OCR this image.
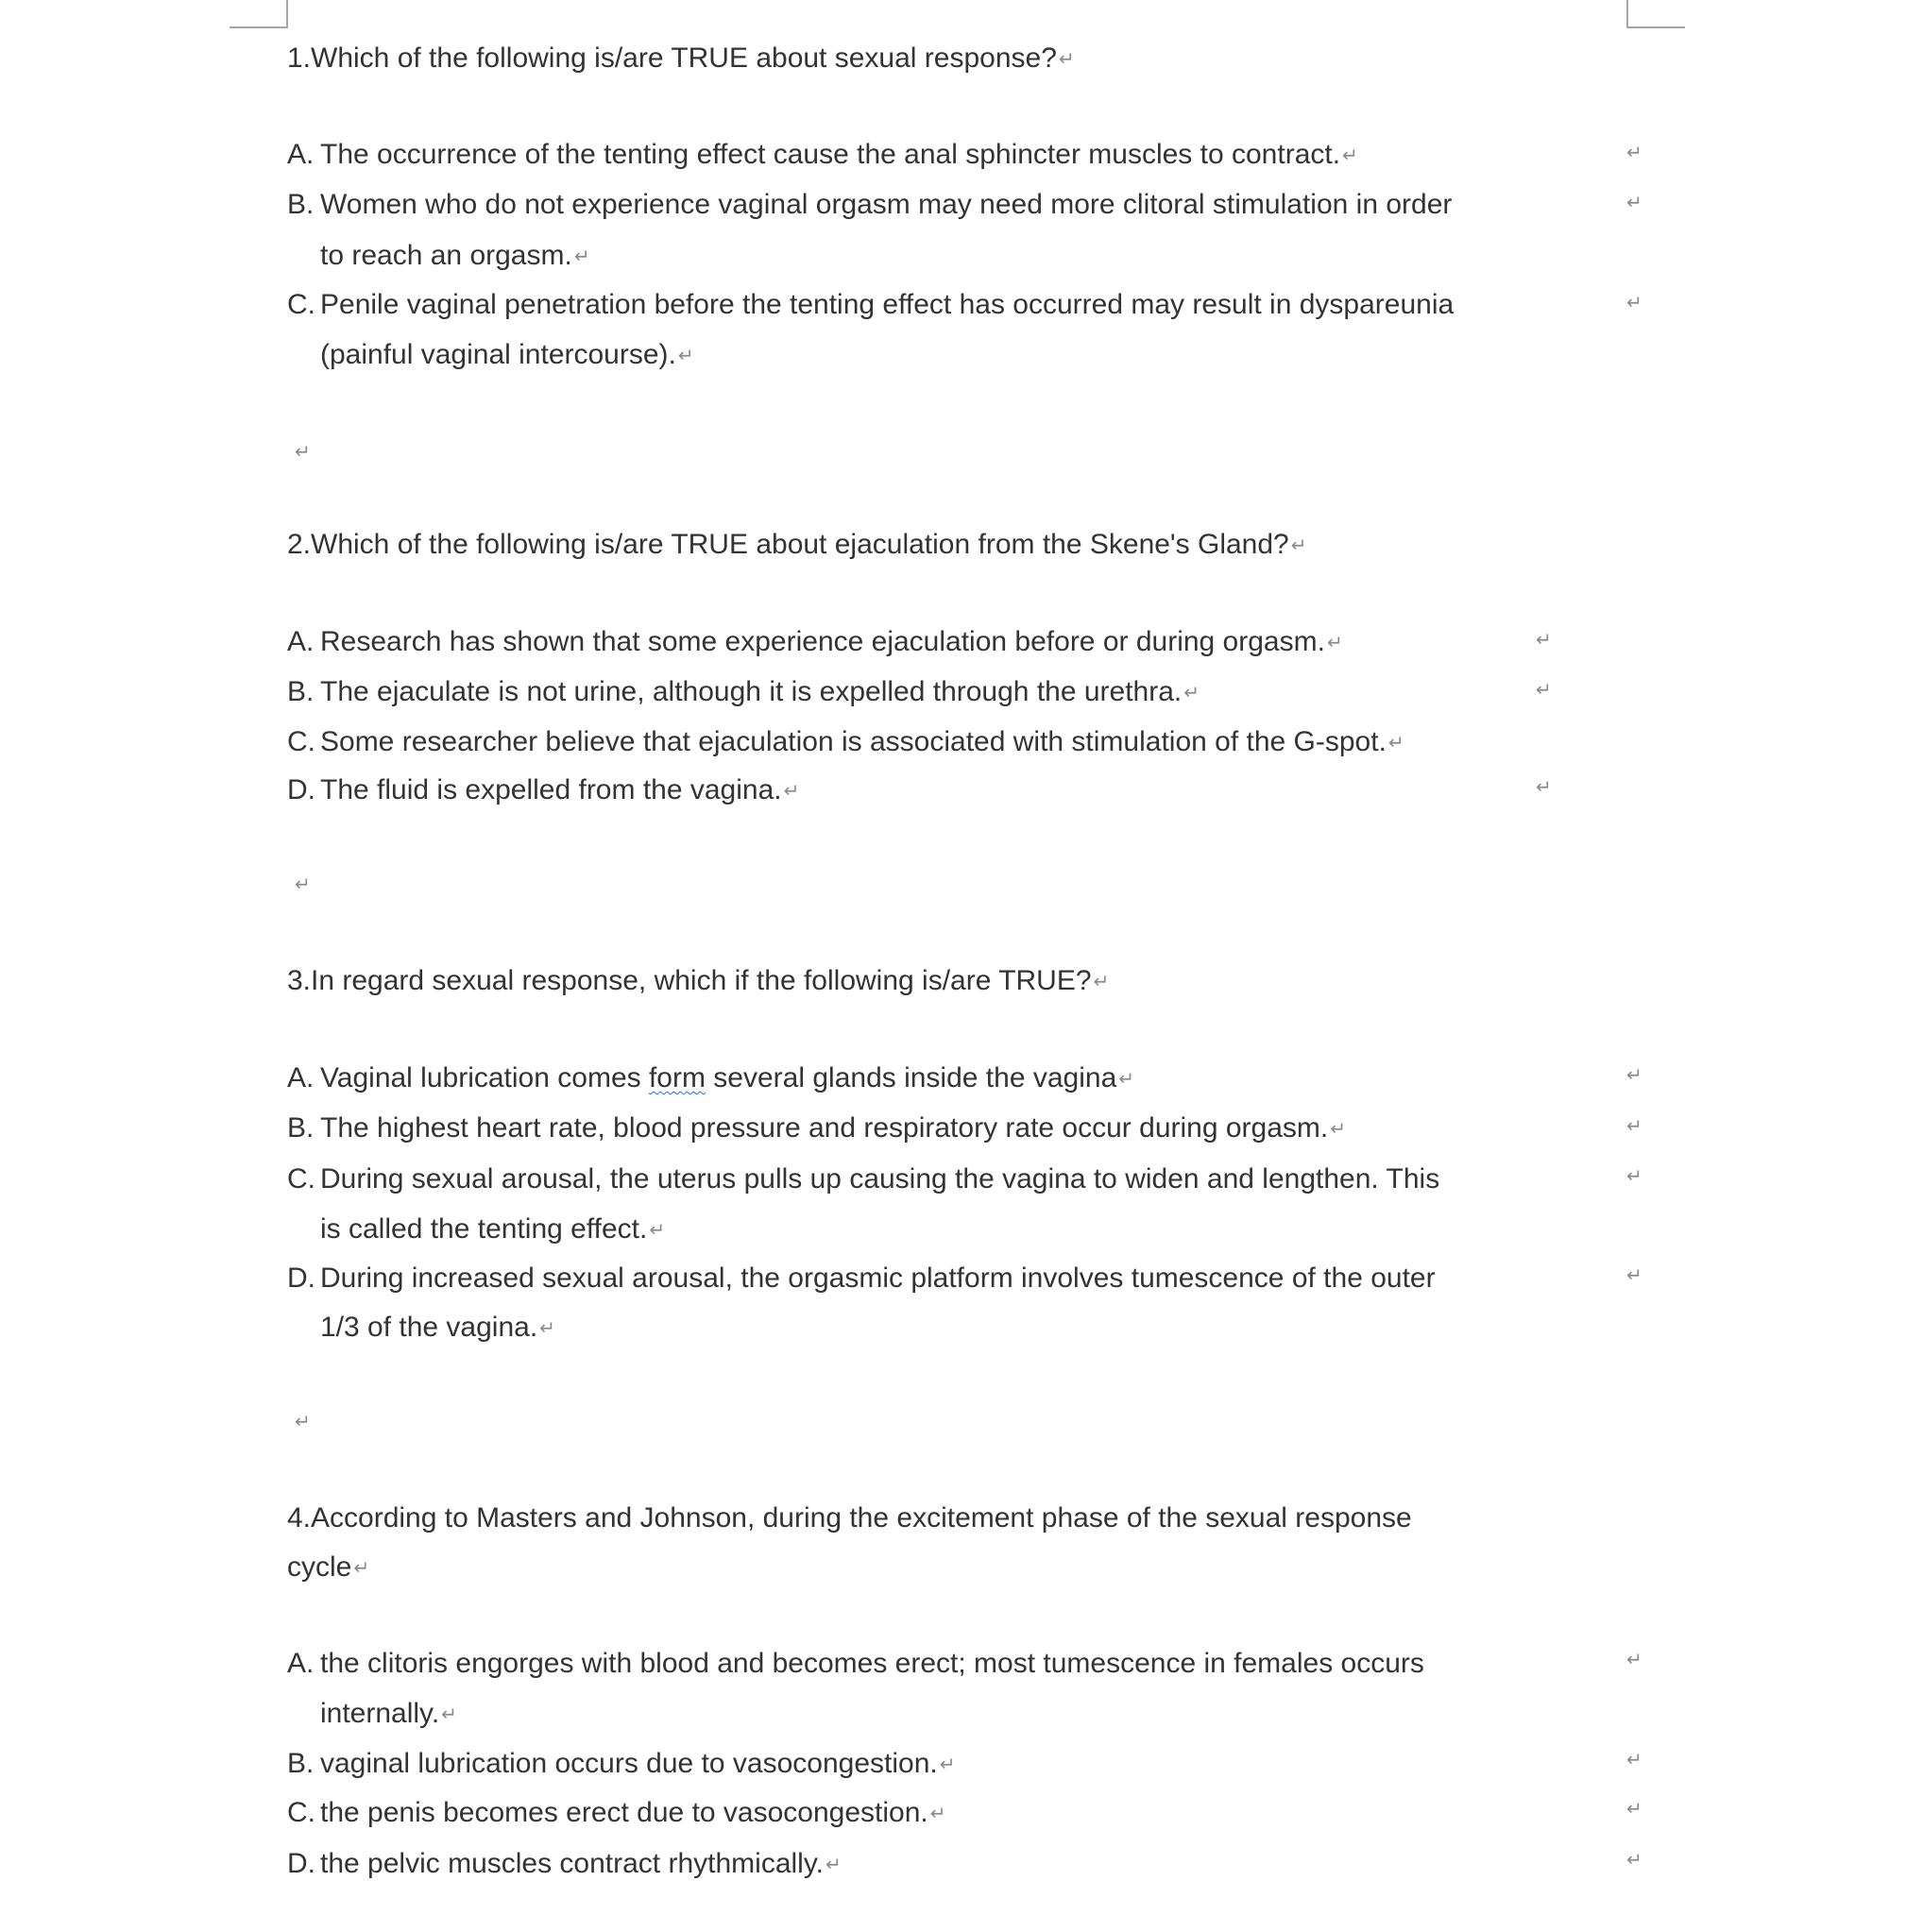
1.Which of the following is/are TRUE about sexual response? ↵
A. The occurrence of the tenting effect cause the anal sphincter muscles to contract. ↵	↵
B. Women who do not experience vaginal orgasm may need more clitoral stimulation in order
to reach an orgasm. ↵
↵
C. Penile vaginal penetration before the tenting effect has occurred may result in dyspareunia
(painful vaginal intercourse). ↵
↵
↵
2.Which of the following is/are TRUE about ejaculation from the Skene's Gland? ↵
A. Research has shown that some experience ejaculation before or during orgasm. ↵	↵
B. The ejaculate is not urine, although it is expelled through the urethra. ↵	↵
C. Some researcher believe that ejaculation is associated with stimulation of the G-spot. ↵
D. The fluid is expelled from the vagina. ↵	↵
↵
3.In regard sexual response, which if the following is/are TRUE? ↵
A. Vaginal lubrication comes form several glands inside the vagina ↵	↵
B. The highest heart rate, blood pressure and respiratory rate occur during orgasm. ↵	↵
C. During sexual arousal, the uterus pulls up causing the vagina to widen and lengthen. This
is called the tenting effect. ↵
↵
D. During increased sexual arousal, the orgasmic platform involves tumescence of the outer
1/3 of the vagina. ↵
↵
↵
4.According to Masters and Johnson, during the excitement phase of the sexual response
cycle ↵
A. the clitoris engorges with blood and becomes erect; most tumescence in females occurs
internally. ↵
↵
B. vaginal lubrication occurs due to vasocongestion. ↵	↵
C. the penis becomes erect due to vasocongestion. ↵	↵
D. the pelvic muscles contract rhythmically. ↵	↵
